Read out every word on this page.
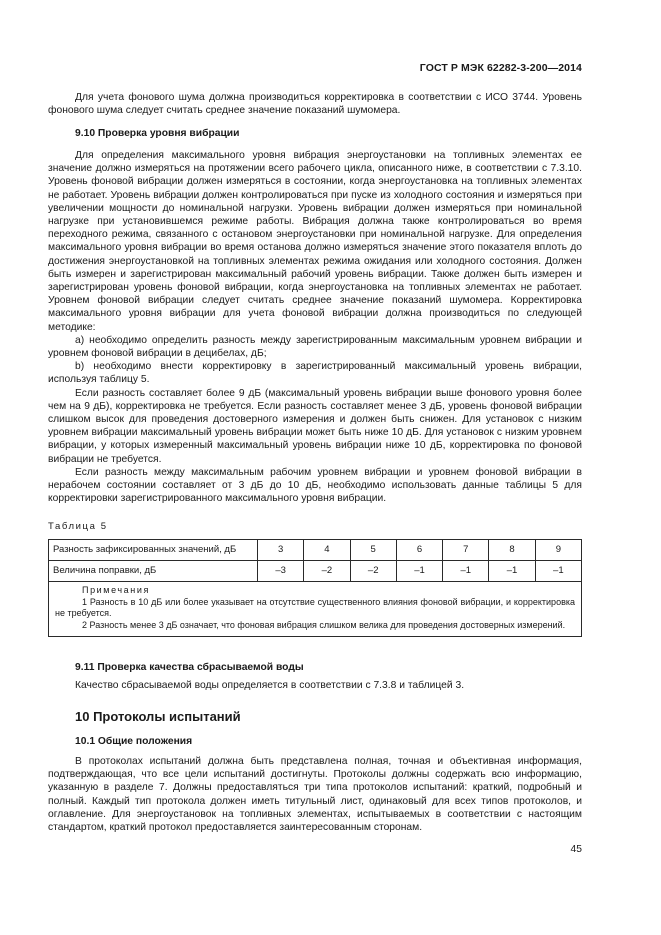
ГОСТ Р МЭК 62282-3-200—2014

Для учета фонового шума должна производиться корректировка в соответствии с ИСО 3744. Уровень фонового шума следует считать среднее значение показаний шумомера.

9.10 Проверка уровня вибрации

Для определения максимального уровня вибрация энергоустановки на топливных элементах ее значение должно измеряться на протяжении всего рабочего цикла, описанного ниже, в соответствии с 7.3.10. Уровень фоновой вибрации должен измеряться в состоянии, когда энергоустановка на топливных элементах не работает. Уровень вибрации должен контролироваться при пуске из холодного состояния и измеряться при увеличении мощности до номинальной нагрузки. Уровень вибрации должен измеряться при номинальной нагрузке при установившемся режиме работы. Вибрация должна также контролироваться во время переходного режима, связанного с остановом энергоустановки при номинальной нагрузке. Для определения максимального уровня вибрации во время останова должно измеряться значение этого показателя вплоть до достижения энергоустановкой на топливных элементах режима ожидания или холодного состояния. Должен быть измерен и зарегистрирован максимальный рабочий уровень вибрации. Также должен быть измерен и зарегистрирован уровень фоновой вибрации, когда энергоустановка на топливных элементах не работает. Уровнем фоновой вибрации следует считать среднее значение показаний шумомера. Корректировка максимального уровня вибрации для учета фоновой вибрации должна производиться по следующей методике:

a) необходимо определить разность между зарегистрированным максимальным уровнем вибрации и уровнем фоновой вибрации в децибелах, дБ;

b) необходимо внести корректировку в зарегистрированный максимальный уровень вибрации, используя таблицу 5.

Если разность составляет более 9 дБ (максимальный уровень вибрации выше фонового уровня более чем на 9 дБ), корректировка не требуется. Если разность составляет менее 3 дБ, уровень фоновой вибрации слишком высок для проведения достоверного измерения и должен быть снижен. Для установок с низким уровнем вибрации максимальный уровень вибрации может быть ниже 10 дБ. Для установок с низким уровнем вибрации, у которых измеренный максимальный уровень вибрации ниже 10 дБ, корректировка по фоновой вибрации не требуется.

Если разность между максимальным рабочим уровнем вибрации и уровнем фоновой вибрации в нерабочем состоянии составляет от 3 дБ до 10 дБ, необходимо использовать данные таблицы 5 для корректировки зарегистрированного максимального уровня вибрации.

Таблица 5
Разность зафиксированных значений, дБ	3	4	5	6	7	8	9
Величина поправки, дБ	–3	–2	–2	–1	–1	–1	–1

Примечания
1 Разность в 10 дБ или более указывает на отсутствие существенного влияния фоновой вибрации, и корректировка не требуется.
2 Разность менее 3 дБ означает, что фоновая вибрация слишком велика для проведения достоверных измерений.							

9.11 Проверка качества сбрасываемой воды

Качество сбрасываемой воды определяется в соответствии с 7.3.8 и таблицей 3.

10 Протоколы испытаний

10.1 Общие положения

В протоколах испытаний должна быть представлена полная, точная и объективная информация, подтверждающая, что все цели испытаний достигнуты. Протоколы должны содержать всю информацию, указанную в разделе 7. Должны предоставляться три типа протоколов испытаний: краткий, подробный и полный. Каждый тип протокола должен иметь титульный лист, одинаковый для всех типов протоколов, и оглавление. Для энергоустановок на топливных элементах, испытываемых в соответствии с настоящим стандартом, краткий протокол предоставляется заинтересованным сторонам.

45
